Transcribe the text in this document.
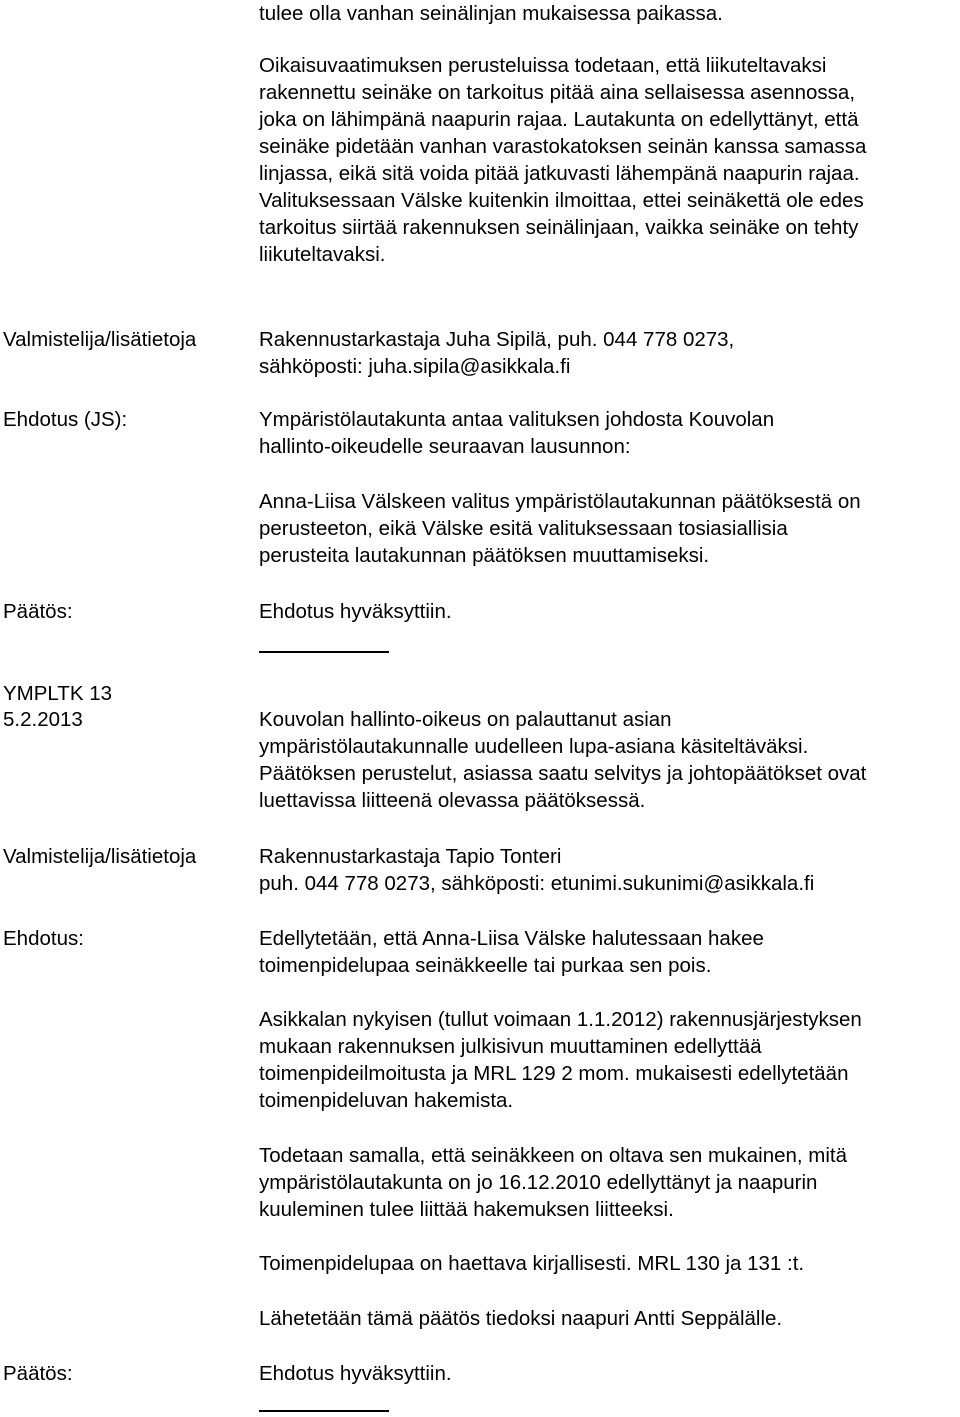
tulee olla vanhan seinälinjan mukaisessa paikassa.
Oikaisuvaatimuksen perusteluissa todetaan, että liikuteltavaksi
rakennettu seinäke on tarkoitus pitää aina sellaisessa asennossa,
joka on lähimpänä naapurin rajaa. Lautakunta on edellyttänyt, että
seinäke pidetään vanhan varastokatoksen seinän kanssa samassa
linjassa, eikä sitä voida pitää jatkuvasti lähempänä naapurin rajaa.
Valituksessaan Välske kuitenkin ilmoittaa, ettei seinäkettä ole edes
tarkoitus siirtää rakennuksen seinälinjaan, vaikka seinäke on tehty
liikuteltavaksi.
Valmistelija/lisätietoja	Rakennustarkastaja Juha Sipilä, puh. 044 778 0273,
sähköposti: juha.sipila@asikkala.fi
Ehdotus (JS):	Ympäristölautakunta antaa valituksen johdosta Kouvolan
hallinto-oikeudelle seuraavan lausunnon:
Anna-Liisa Välskeen valitus ympäristölautakunnan päätöksestä on
perusteeton, eikä Välske esitä valituksessaan tosiasiallisia
perusteita lautakunnan päätöksen muuttamiseksi.
Päätös:	Ehdotus hyväksyttiin.
YMPLTK 13
5.2.2013	Kouvolan hallinto-oikeus on palauttanut asian
ympäristölautakunnalle uudelleen lupa-asiana käsiteltäväksi.
Päätöksen perustelut, asiassa saatu selvitys ja johtopäätökset ovat
luettavissa liitteenä olevassa päätöksessä.
Valmistelija/lisätietoja	Rakennustarkastaja Tapio Tonteri
puh. 044 778 0273, sähköposti: etunimi.sukunimi@asikkala.fi
Ehdotus:	Edellytetään, että Anna-Liisa Välske halutessaan hakee
toimenpidelupaa seinäkkeelle tai purkaa sen pois.
Asikkalan nykyisen (tullut voimaan 1.1.2012) rakennusjärjestyksen
mukaan rakennuksen julkisivun muuttaminen edellyttää
toimenpideilmoitusta ja MRL 129 2 mom. mukaisesti edellytetään
toimenpideluvan hakemista.
Todetaan samalla, että seinäkkeen on oltava sen mukainen, mitä
ympäristölautakunta on jo 16.12.2010 edellyttänyt ja naapurin
kuuleminen tulee liittää hakemuksen liitteeksi.
Toimenpidelupaa on haettava kirjallisesti. MRL 130 ja 131 :t.
Lähetetään tämä päätös tiedoksi naapuri Antti Seppälälle.
Päätös:	Ehdotus hyväksyttiin.
